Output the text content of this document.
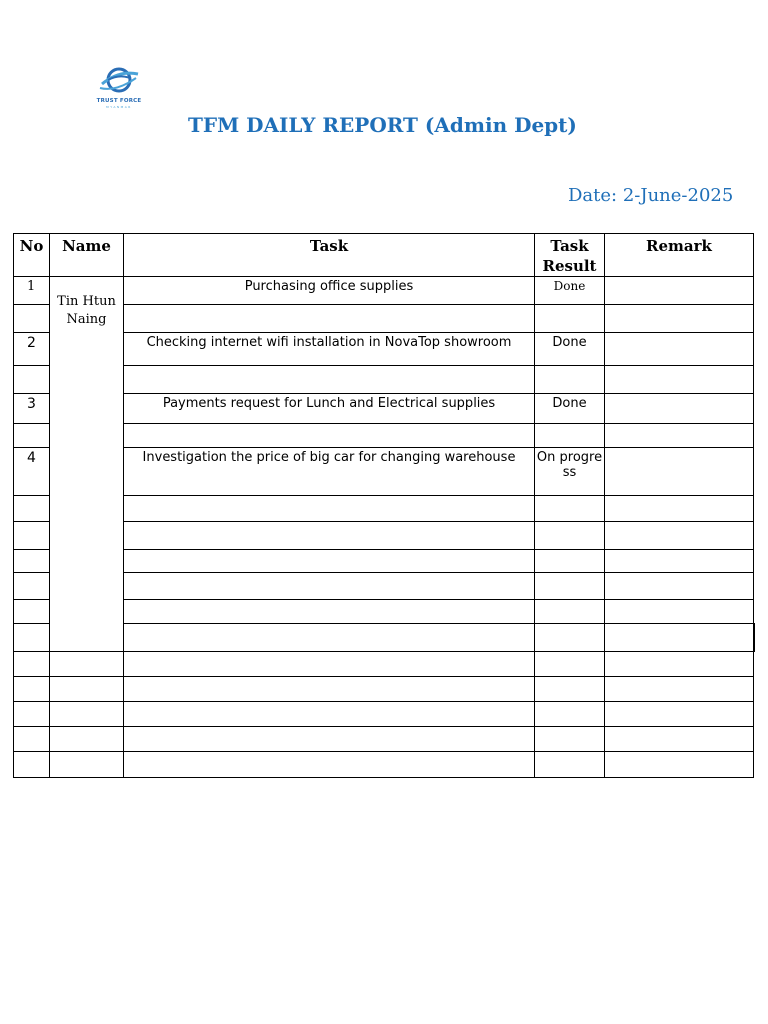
TRUST FORCE
MYANMAR
TFM DAILY REPORT (Admin Dept)
Date: 2-June-2025
No	Name	Task	Task Result	Remark	
1	Tin Htun Naing	Purchasing office supplies	Done		

2		Checking internet wifi installation in NovaTop showroom	Done		

3		Payments request for Lunch and Electrical supplies	Done		

4		Investigation the price of big car for changing warehouse	On progress		
